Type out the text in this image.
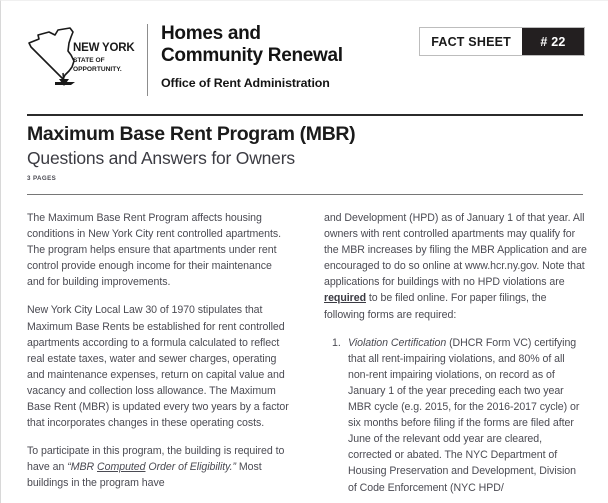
NEW YORK
STATE OF
OPPORTUNITY.
Homes and
Community Renewal
Office of Rent Administration
FACT SHEET	# 22
Maximum Base Rent Program (MBR)
Questions and Answers for Owners
3 PAGES

The Maximum Base Rent Program affects housing conditions in New York City rent controlled apartments. The program helps ensure that apartments under rent control provide enough income for their maintenance and for building improvements.

New York City Local Law 30 of 1970 stipulates that Maximum Base Rents be established for rent controlled apartments according to a formula calculated to reflect real estate taxes, water and sewer charges, operating and maintenance expenses, return on capital value and vacancy and collection loss allowance. The Maximum Base Rent (MBR) is updated every two years by a factor that incorporates changes in these operating costs.

To participate in this program, the building is required to have an “MBR Computed Order of Eligibility.” Most buildings in the program have

and Development (HPD) as of January 1 of that year. All owners with rent controlled apartments may qualify for the MBR increases by filing the MBR Application and are encouraged to do so online at www.hcr.ny.gov. Note that applications for buildings with no HPD violations are required to be filed online. For paper filings, the following forms are required:

1. Violation Certification (DHCR Form VC) certifying that all rent-impairing violations, and 80% of all non-rent impairing violations, on record as of January 1 of the year preceding each two year MBR cycle (e.g. 2015, for the 2016-2017 cycle) or six months before filing if the forms are filed after June of the relevant odd year are cleared, corrected or abated. The NYC Department of Housing Preservation and Development, Division of Code Enforcement (NYC HPD/
